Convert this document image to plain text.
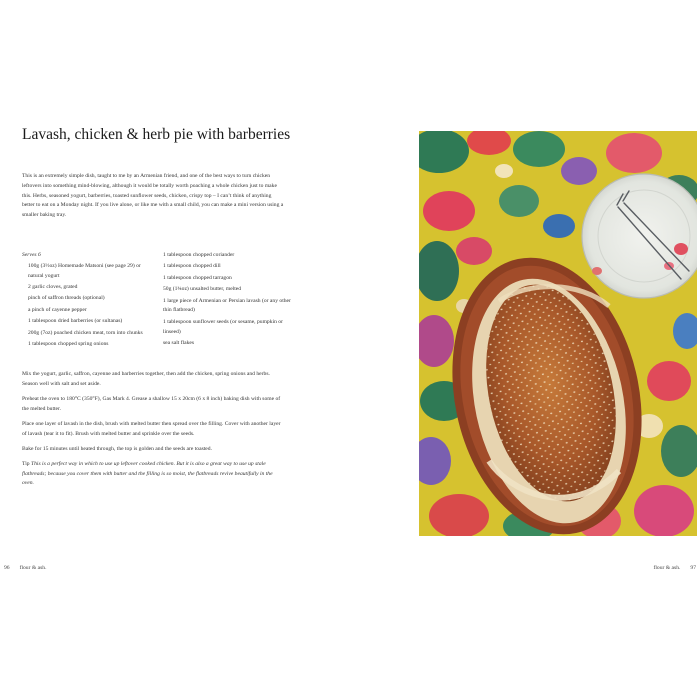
Lavash, chicken & herb pie with barberries

This is an extremely simple dish, taught to me by an Armenian friend, and one of the best ways to turn chicken leftovers into something mind-blowing, although it would be totally worth poaching a whole chicken just to make this. Herbs, seasoned yogurt, barberries, toasted sunflower seeds, chicken, crispy top – I can’t think of anything better to eat on a Monday night. If you live alone, or like me with a small child, you can make a mini version using a smaller baking tray.

Serves 6
100g (3½oz) Homemade Matsoni (see page 29) or natural yogurt
2 garlic cloves, grated
pinch of saffron threads (optional)
a pinch of cayenne pepper
1 tablespoon dried barberries (or sultanas)
200g (7oz) poached chicken meat, torn into chunks
1 tablespoon chopped spring onions
1 tablespoon chopped coriander
1 tablespoon chopped dill
1 tablespoon chopped tarragon
50g (1¾oz) unsalted butter, melted
1 large piece of Armenian or Persian lavash (or any other thin flatbread)
1 tablespoon sunflower seeds (or sesame, pumpkin or linseed)
sea salt flakes

Mix the yogurt, garlic, saffron, cayenne and barberries together, then add the chicken, spring onions and herbs. Season well with salt and set aside.

Preheat the oven to 180°C (350°F), Gas Mark 4. Grease a shallow 15 x 20cm (6 x 8 inch) baking dish with some of the melted butter.

Place one layer of lavash in the dish, brush with melted butter then spread over the filling. Cover with another layer of lavash (tear it to fit). Brush with melted butter and sprinkle over the seeds.

Bake for 15 minutes until heated through, the top is golden and the seeds are toasted.

Tip This is a perfect way in which to use up leftover cooked chicken. But it is also a great way to use up stale flatbreads; because you cover them with butter and the filling is so moist, the flatbreads revive beautifully in the oven.

96 flour & ash.	flour & ash. 97
